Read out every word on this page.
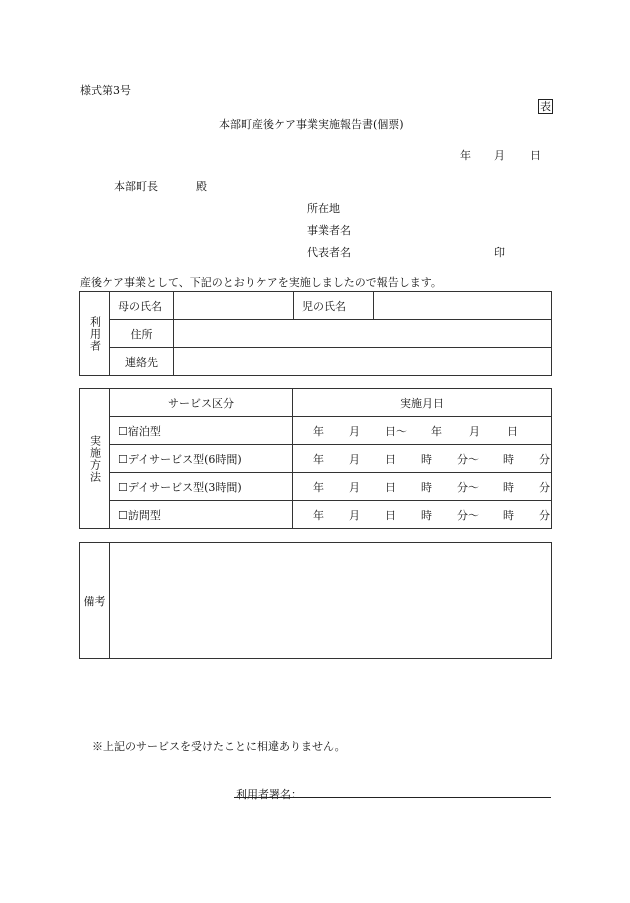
様式第3号
表
本部町産後ケア事業実施報告書(個票)
年 月 日
本部町長	殿
所在地
事業者名
代表者名	印
産後ケア事業として、下記のとおりケアを実施しましたので報告します。
利用者	母の氏名		児の氏名	
	住所			
	連絡先			
実施方法	サービス区分	実施月日
	☐宿泊型	年 月 日〜 年 月 日
	☐デイサービス型(6時間)	年 月 日 時 分〜 時 分
	☐デイサービス型(3時間)	年 月 日 時 分〜 時 分
	☐訪問型	年 月 日 時 分〜 時 分
備考	
※上記のサービスを受けたことに相違ありません。
利用者署名：
